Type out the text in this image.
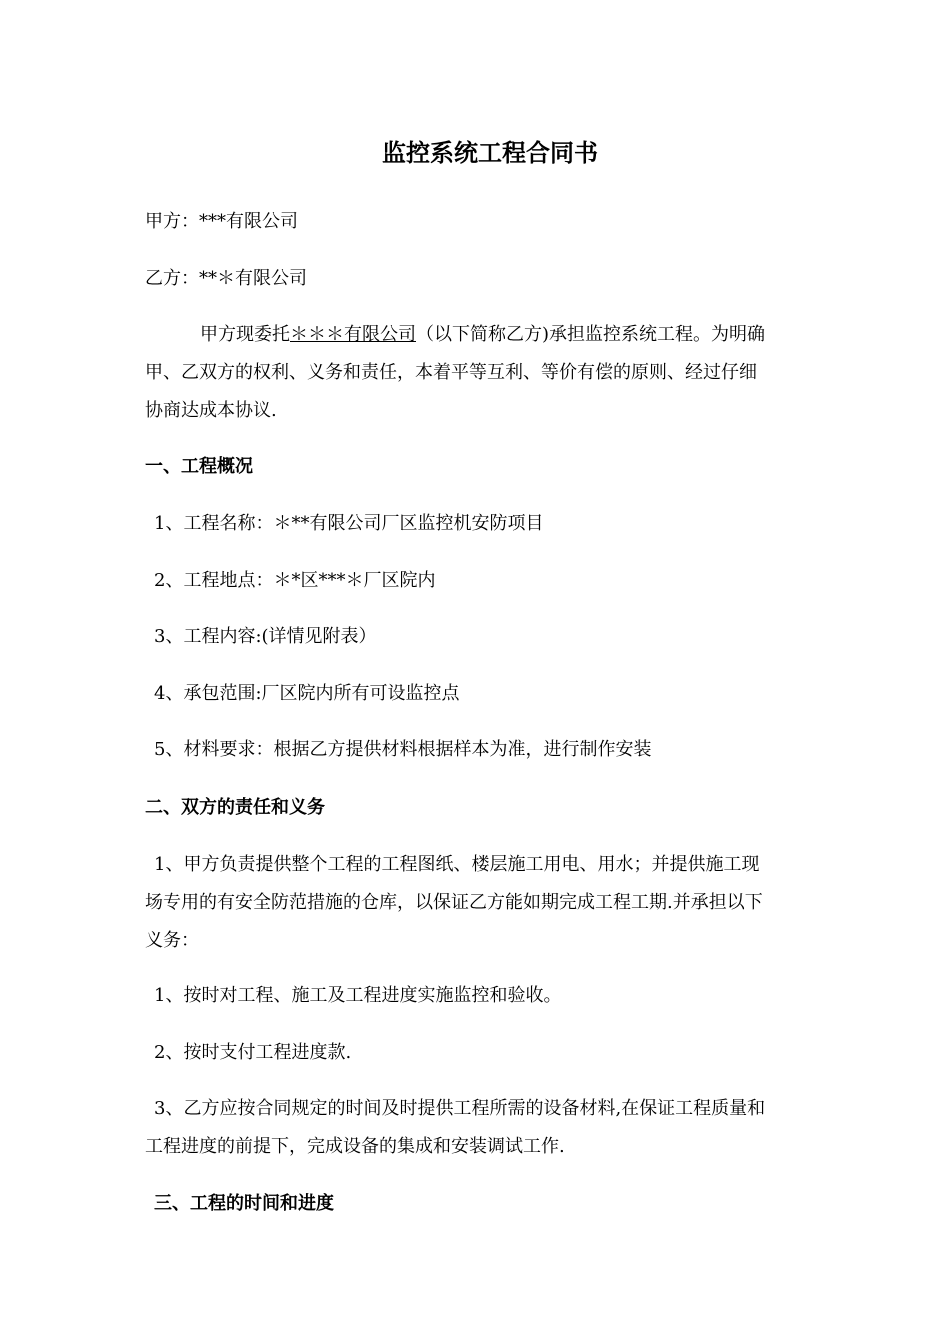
监控系统工程合同书
甲方：***有限公司
乙方：**＊有限公司
甲方现委托＊＊＊有限公司（以下简称乙方)承担监控系统工程。为明确
甲、乙双方的权利、义务和责任，本着平等互利、等价有偿的原则、经过仔细
协商达成本协议.
一、工程概况
1、工程名称：＊**有限公司厂区监控机安防项目
2、工程地点：＊*区***＊厂区院内
3、工程内容:(详情见附表）
4、承包范围:厂区院内所有可设监控点
5、材料要求：根据乙方提供材料根据样本为准，进行制作安装
二、双方的责任和义务
1、甲方负责提供整个工程的工程图纸、楼层施工用电、用水；并提供施工现
场专用的有安全防范措施的仓库，以保证乙方能如期完成工程工期.并承担以下
义务：
1、按时对工程、施工及工程进度实施监控和验收。
2、按时支付工程进度款.
3、乙方应按合同规定的时间及时提供工程所需的设备材料,在保证工程质量和
工程进度的前提下，完成设备的集成和安装调试工作.
三、工程的时间和进度
